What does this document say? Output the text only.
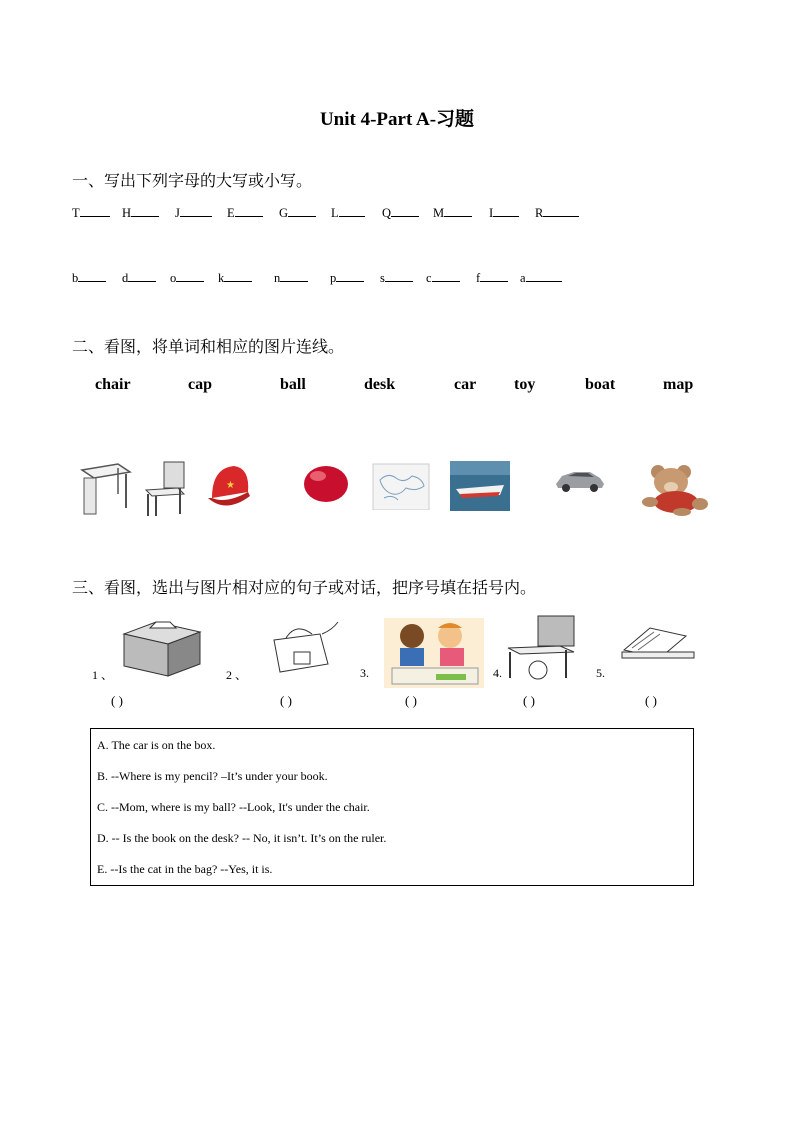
Unit 4-Part A-习题
一、写出下列字母的大写或小写。
T	H	J	E	G	L	Q	M	I	R
b	d	o	k	n	p	s	c	f	a
二、看图，将单词和相应的图片连线。
chair	cap	ball	desk	car toy	boat	map
★
三、看图，选出与图片相对应的句子或对话，把序号填在括号内。
1 、	2 、	3.	4.	5.
( )	( )	( )	( )	( )
A. The car is on the box.
B. --Where is my pencil? –It’s under your book.
C. --Mom, where is my ball? --Look, It's under the chair.
D. -- Is the book on the desk? -- No, it isn’t. It’s on the ruler.
E. --Is the cat in the bag? --Yes, it is.
